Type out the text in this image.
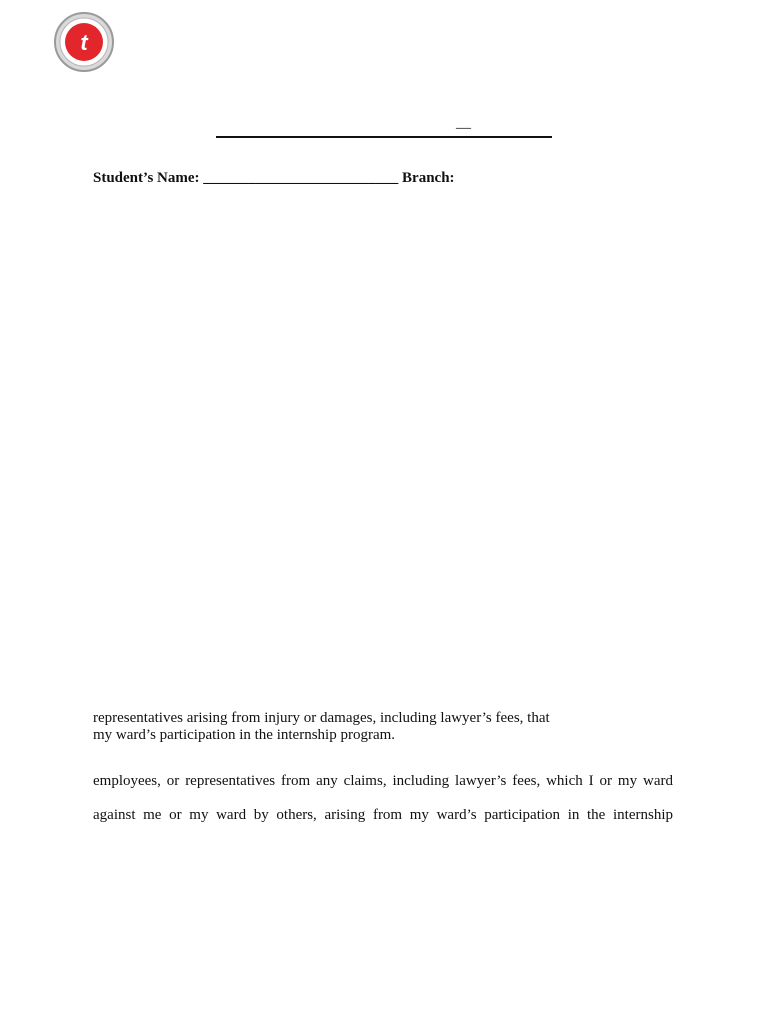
t
__
Student’s Name: __________________________ Branch:
representatives arising from injury or damages, including lawyer’s fees, that
my ward’s participation in the internship program.
employees, or representatives from any claims, including lawyer’s fees, which I or my ward
against me or my ward by others, arising from my ward’s participation in the internship
